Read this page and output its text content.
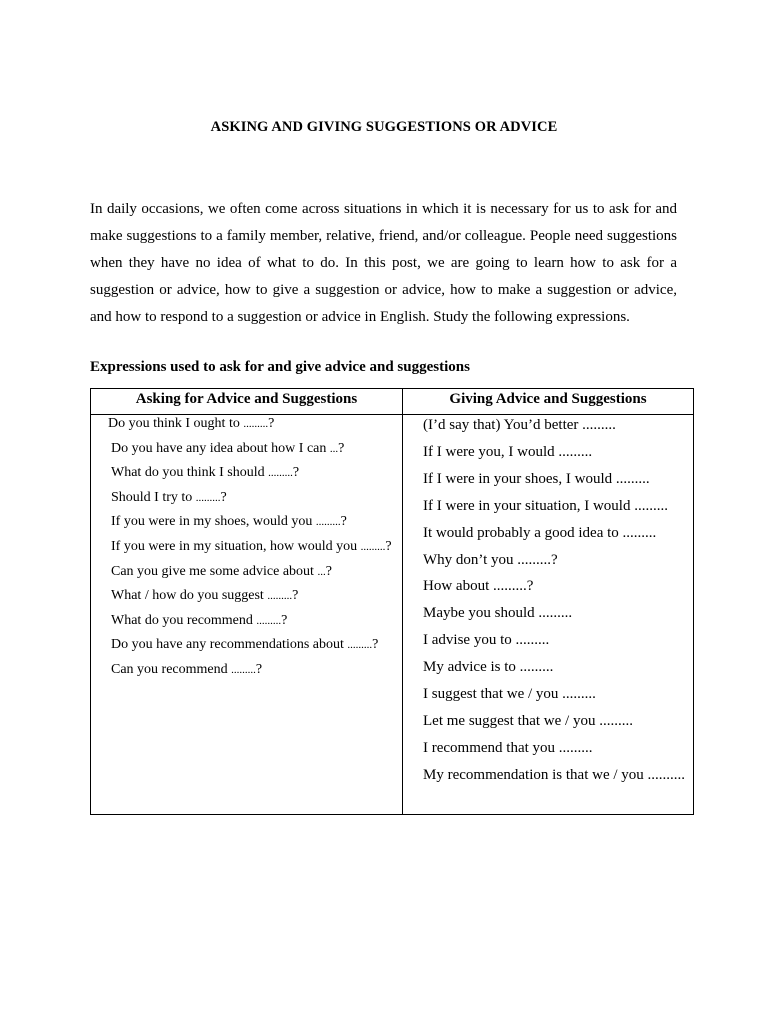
ASKING AND GIVING SUGGESTIONS OR ADVICE

In daily occasions, we often come across situations in which it is necessary for us to ask for and make suggestions to a family member, relative, friend, and/or colleague. People need suggestions when they have no idea of what to do. In this post, we are going to learn how to ask for a suggestion or advice, how to give a suggestion or advice, how to make a suggestion or advice, and how to respond to a suggestion or advice in English. Study the following expressions.

Expressions used to ask for and give advice and suggestions
Asking for Advice and Suggestions	Giving Advice and Suggestions
Do you think I ought to .........?
Do you have any idea about how I can ...?
What do you think I should .........?
Should I try to .........?
If you were in my shoes, would you .........?
If you were in my situation, how would you .........?
Can you give me some advice about ...?
What / how do you suggest .........?
What do you recommend .........?
Do you have any recommendations about .........?
Can you recommend .........?
(I’d say that) You’d better .........
If I were you, I would .........
If I were in your shoes, I would .........
If I were in your situation, I would .........
It would probably a good idea to .........
Why don’t you .........?
How about .........?
Maybe you should .........
I advise you to .........
My advice is to .........
I suggest that we / you .........
Let me suggest that we / you .........
I recommend that you .........
My recommendation is that we / you ..........
